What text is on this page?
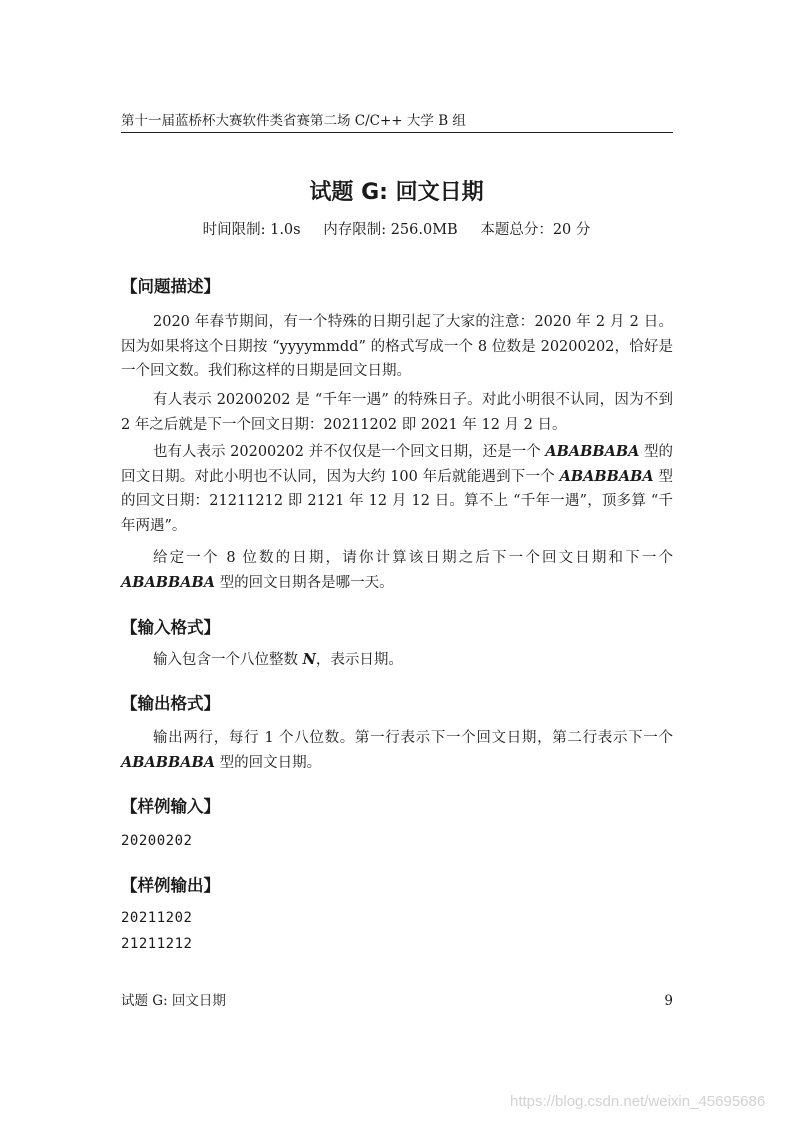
第十一届蓝桥杯大赛软件类省赛第二场 C/C++ 大学 B 组
试题 G: 回文日期
时间限制: 1.0s 内存限制: 256.0MB 本题总分：20 分
【问题描述】

2020 年春节期间，有一个特殊的日期引起了大家的注意：2020 年 2 月 2 日。因为如果将这个日期按 “yyyymmdd” 的格式写成一个 8 位数是 20200202，恰好是一个回文数。我们称这样的日期是回文日期。

有人表示 20200202 是 “千年一遇” 的特殊日子。对此小明很不认同，因为不到 2 年之后就是下一个回文日期：20211202 即 2021 年 12 月 2 日。

也有人表示 20200202 并不仅仅是一个回文日期，还是一个 ABABBABA 型的回文日期。对此小明也不认同，因为大约 100 年后就能遇到下一个 ABABBABA 型的回文日期：21211212 即 2121 年 12 月 12 日。算不上 “千年一遇”，顶多算 “千年两遇”。

给定一个 8 位数的日期，请你计算该日期之后下一个回文日期和下一个 ABABBABA 型的回文日期各是哪一天。

【输入格式】

输入包含一个八位整数 N，表示日期。

【输出格式】

输出两行，每行 1 个八位数。第一行表示下一个回文日期，第二行表示下一个 ABABBABA 型的回文日期。

【样例输入】
20200202
【样例输出】
20211202
21211212
试题 G: 回文日期	9
https://blog.csdn.net/weixin_45695686
